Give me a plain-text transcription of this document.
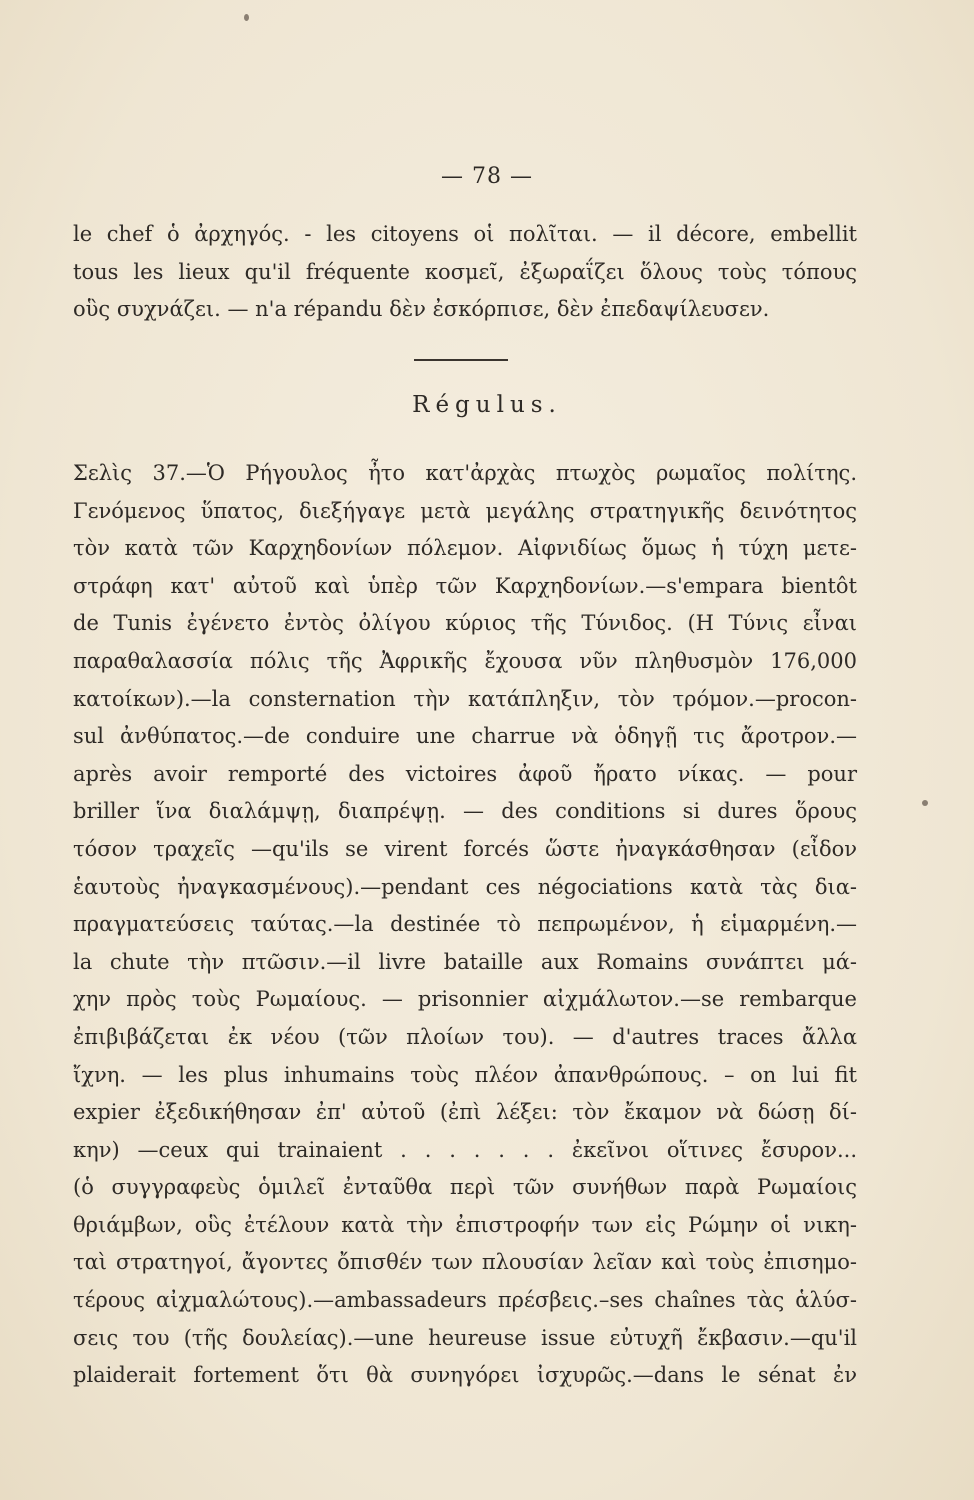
— 78 —
le chef ὁ ἀρχηγός. - les citoyens οἱ πολῖται. — il décore, embellit
tous les lieux qu'il fréquente κοσμεῖ, ἐξωραΐζει ὅλους τοὺς τόπους
οὓς συχνάζει. — n'a répandu δὲν ἐσκόρπισε, δὲν ἐπεδαψίλευσεν.
Régulus.
Σελὶς 37.—Ὁ Ρήγουλος ἦτο κατ'ἀρχὰς πτωχὸς ρωμαῖος πολίτης.
Γενόμενος ὕπατος, διεξήγαγε μετὰ μεγάλης στρατηγικῆς δεινότητος
τὸν κατὰ τῶν Καρχηδονίων πόλεμον. Αἰφνιδίως ὅμως ἡ τύχη μετε-
στράφη κατ' αὐτοῦ καὶ ὑπὲρ τῶν Καρχηδονίων.—s'empara bientôt
de Tunis ἐγένετο ἐντὸς ὀλίγου κύριος τῆς Τύνιδος. (Η Τύνις εἶναι
παραθαλασσία πόλις τῆς Ἀφρικῆς ἔχουσα νῦν πληθυσμὸν 176,000
κατοίκων).—la consternation τὴν κατάπληξιν, τὸν τρόμον.—procon-
sul ἀνθύπατος.—de conduire une charrue νὰ ὁδηγῇ τις ἄροτρον.—
après avoir remporté des victoires ἀφοῦ ἤρατο νίκας. — pour
briller ἵνα διαλάμψῃ, διαπρέψῃ. — des conditions si dures ὅρους
τόσον τραχεῖς —qu'ils se virent forcés ὥστε ἠναγκάσθησαν (εἶδον
ἑαυτοὺς ἠναγκασμένους).—pendant ces négociations κατὰ τὰς δια-
πραγματεύσεις ταύτας.—la destinée τὸ πεπρωμένον, ἡ εἱμαρμένη.—
la chute τὴν πτῶσιν.—il livre bataille aux Romains συνάπτει μά-
χην πρὸς τοὺς Ρωμαίους. — prisonnier αἰχμάλωτον.—se rembarque
ἐπιβιβάζεται ἐκ νέου (τῶν πλοίων του). — d'autres traces ἄλλα
ἴχνη. — les plus inhumains τοὺς πλέον ἀπανθρώπους. – on lui fit
expier ἐξεδικήθησαν ἐπ' αὐτοῦ (ἐπὶ λέξει: τὸν ἔκαμον νὰ δώσῃ δί-
κην) —ceux qui trainaient . . . . . . . ἐκεῖνοι οἵτινες ἔσυρον...
(ὁ συγγραφεὺς ὁμιλεῖ ἐνταῦθα περὶ τῶν συνήθων παρὰ Ρωμαίοις
θριάμβων, οὓς ἐτέλουν κατὰ τὴν ἐπιστροφήν των εἰς Ρώμην οἱ νικη-
ταὶ στρατηγοί, ἄγοντες ὄπισθέν των πλουσίαν λεῖαν καὶ τοὺς ἐπισημο-
τέρους αἰχμαλώτους).—ambassadeurs πρέσβεις.–ses chaînes τὰς ἁλύσ-
σεις του (τῆς δουλείας).—une heureuse issue εὐτυχῆ ἔκβασιν.—qu'il
plaiderait fortement ὅτι θὰ συνηγόρει ἰσχυρῶς.—dans le sénat ἐν
